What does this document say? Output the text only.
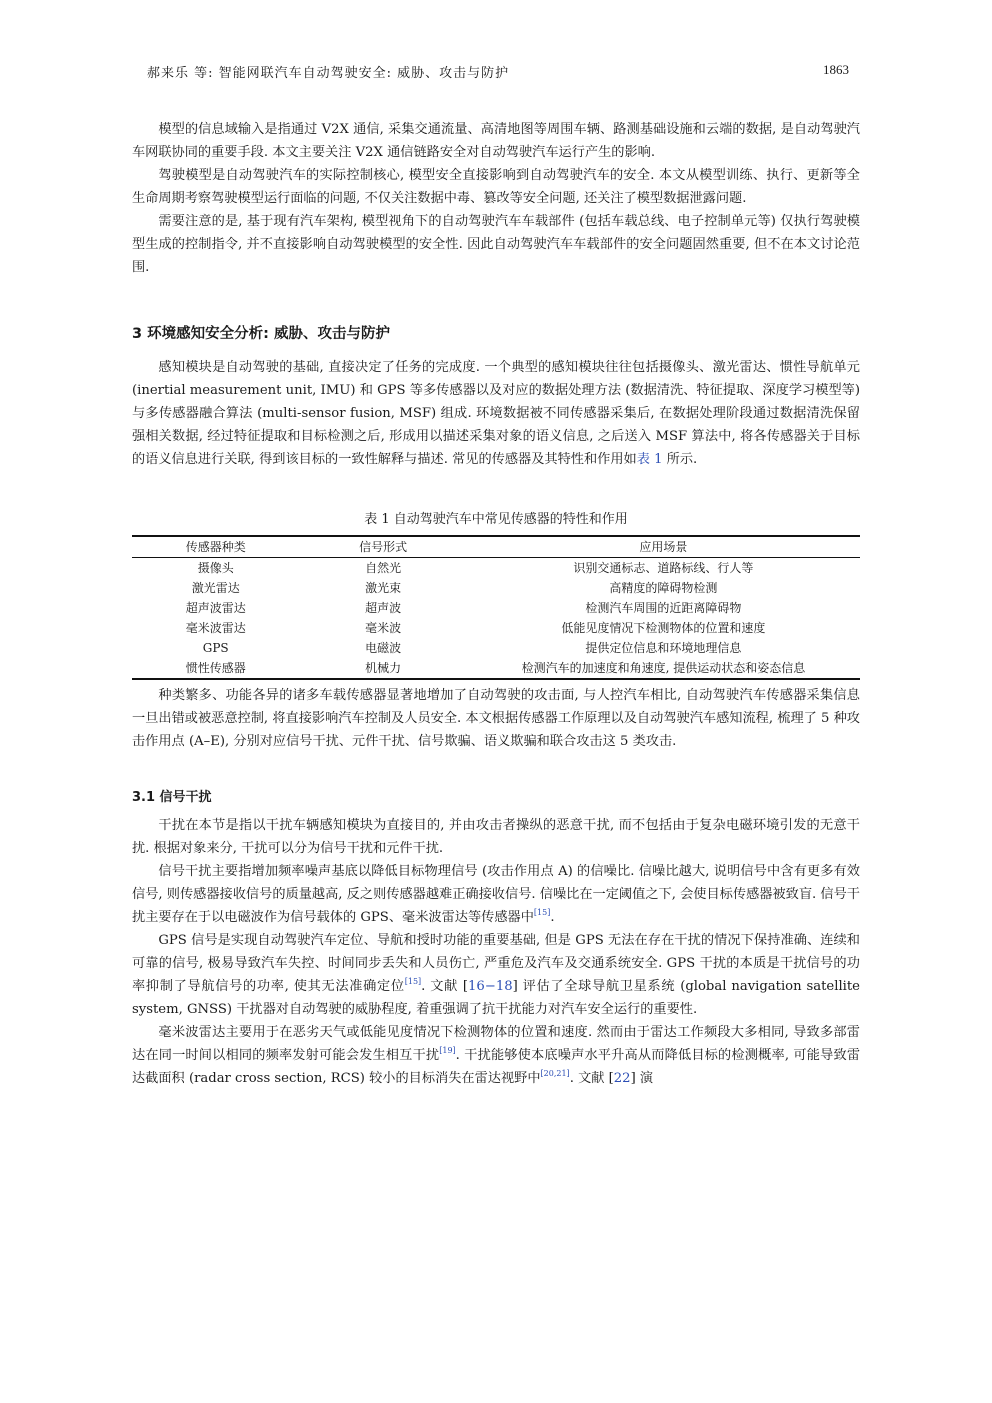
郝来乐 等: 智能网联汽车自动驾驶安全: 威胁、攻击与防护	1863

模型的信息域输入是指通过 V2X 通信, 采集交通流量、高清地图等周围车辆、路测基础设施和云端的数据, 是自动驾驶汽车网联协同的重要手段. 本文主要关注 V2X 通信链路安全对自动驾驶汽车运行产生的影响.

驾驶模型是自动驾驶汽车的实际控制核心, 模型安全直接影响到自动驾驶汽车的安全. 本文从模型训练、执行、更新等全生命周期考察驾驶模型运行面临的问题, 不仅关注数据中毒、篡改等安全问题, 还关注了模型数据泄露问题.

需要注意的是, 基于现有汽车架构, 模型视角下的自动驾驶汽车车载部件 (包括车载总线、电子控制单元等) 仅执行驾驶模型生成的控制指令, 并不直接影响自动驾驶模型的安全性. 因此自动驾驶汽车车载部件的安全问题固然重要, 但不在本文讨论范围.

3 环境感知安全分析: 威胁、攻击与防护

感知模块是自动驾驶的基础, 直接决定了任务的完成度. 一个典型的感知模块往往包括摄像头、激光雷达、惯性导航单元 (inertial measurement unit, IMU) 和 GPS 等多传感器以及对应的数据处理方法 (数据清洗、特征提取、深度学习模型等) 与多传感器融合算法 (multi-sensor fusion, MSF) 组成. 环境数据被不同传感器采集后, 在数据处理阶段通过数据清洗保留强相关数据, 经过特征提取和目标检测之后, 形成用以描述采集对象的语义信息, 之后送入 MSF 算法中, 将各传感器关于目标的语义信息进行关联, 得到该目标的一致性解释与描述. 常见的传感器及其特性和作用如表 1 所示.

表 1 自动驾驶汽车中常见传感器的特性和作用
传感器种类	信号形式	应用场景
摄像头	自然光	识别交通标志、道路标线、行人等
激光雷达	激光束	高精度的障碍物检测
超声波雷达	超声波	检测汽车周围的近距离障碍物
毫米波雷达	毫米波	低能见度情况下检测物体的位置和速度
GPS	电磁波	提供定位信息和环境地理信息
惯性传感器	机械力	检测汽车的加速度和角速度, 提供运动状态和姿态信息

种类繁多、功能各异的诸多车载传感器显著地增加了自动驾驶的攻击面, 与人控汽车相比, 自动驾驶汽车传感器采集信息一旦出错或被恶意控制, 将直接影响汽车控制及人员安全. 本文根据传感器工作原理以及自动驾驶汽车感知流程, 梳理了 5 种攻击作用点 (A–E), 分别对应信号干扰、元件干扰、信号欺骗、语义欺骗和联合攻击这 5 类攻击.

3.1 信号干扰

干扰在本节是指以干扰车辆感知模块为直接目的, 并由攻击者操纵的恶意干扰, 而不包括由于复杂电磁环境引发的无意干扰. 根据对象来分, 干扰可以分为信号干扰和元件干扰.

信号干扰主要指增加频率噪声基底以降低目标物理信号 (攻击作用点 A) 的信噪比. 信噪比越大, 说明信号中含有更多有效信号, 则传感器接收信号的质量越高, 反之则传感器越难正确接收信号. 信噪比在一定阈值之下, 会使目标传感器被致盲. 信号干扰主要存在于以电磁波作为信号载体的 GPS、毫米波雷达等传感器中[15].

GPS 信号是实现自动驾驶汽车定位、导航和授时功能的重要基础, 但是 GPS 无法在存在干扰的情况下保持准确、连续和可靠的信号, 极易导致汽车失控、时间同步丢失和人员伤亡, 严重危及汽车及交通系统安全. GPS 干扰的本质是干扰信号的功率抑制了导航信号的功率, 使其无法准确定位[15]. 文献 [16−18] 评估了全球导航卫星系统 (global navigation satellite system, GNSS) 干扰器对自动驾驶的威胁程度, 着重强调了抗干扰能力对汽车安全运行的重要性.

毫米波雷达主要用于在恶劣天气或低能见度情况下检测物体的位置和速度. 然而由于雷达工作频段大多相同, 导致多部雷达在同一时间以相同的频率发射可能会发生相互干扰[19]. 干扰能够使本底噪声水平升高从而降低目标的检测概率, 可能导致雷达截面积 (radar cross section, RCS) 较小的目标消失在雷达视野中[20,21]. 文献 [22] 演
